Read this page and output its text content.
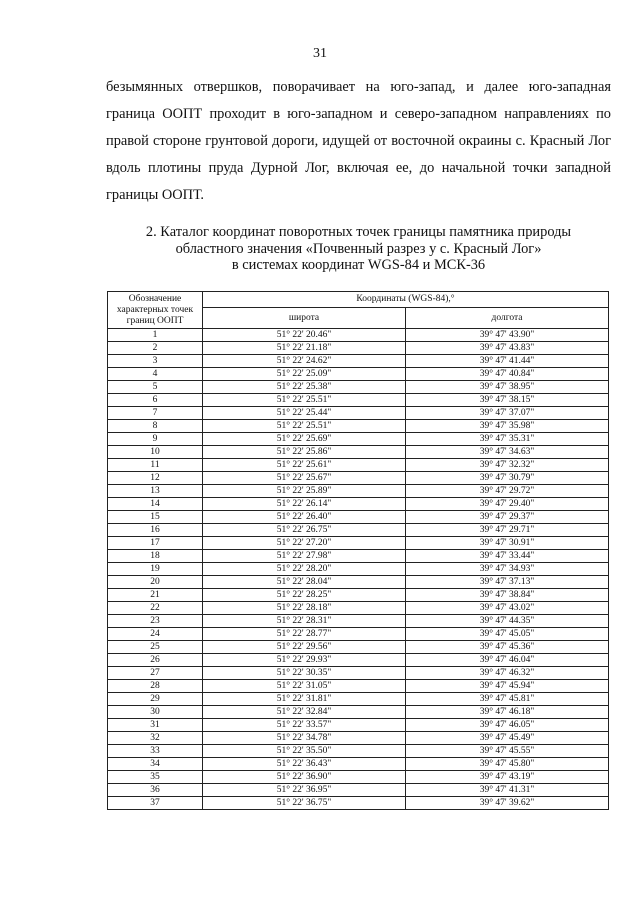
31
безымянных отвершков, поворачивает на юго-запад, и далее юго-западная граница ООПТ проходит в юго-западном и северо-западном направлениях по правой стороне грунтовой дороги, идущей от восточной окраины с. Красный Лог вдоль плотины пруда Дурной Лог, включая ее, до начальной точки западной границы ООПТ.
2. Каталог координат поворотных точек границы памятника природы
областного значения «Почвенный разрез у с. Красный Лог»
в системах координат WGS-84 и МСК-36
Обозначение характерных точек границ ООПТ	Координаты (WGS-84),°	
	широта	долгота
1	51° 22' 20.46"	39° 47' 43.90"
2	51° 22' 21.18"	39° 47' 43.83"
3	51° 22' 24.62"	39° 47' 41.44"
4	51° 22' 25.09"	39° 47' 40.84"
5	51° 22' 25.38"	39° 47' 38.95"
6	51° 22' 25.51"	39° 47' 38.15"
7	51° 22' 25.44"	39° 47' 37.07"
8	51° 22' 25.51"	39° 47' 35.98"
9	51° 22' 25.69"	39° 47' 35.31"
10	51° 22' 25.86"	39° 47' 34.63"
11	51° 22' 25.61"	39° 47' 32.32"
12	51° 22' 25.67"	39° 47' 30.79"
13	51° 22' 25.89"	39° 47' 29.72"
14	51° 22' 26.14"	39° 47' 29.40"
15	51° 22' 26.40"	39° 47' 29.37"
16	51° 22' 26.75"	39° 47' 29.71"
17	51° 22' 27.20"	39° 47' 30.91"
18	51° 22' 27.98"	39° 47' 33.44"
19	51° 22' 28.20"	39° 47' 34.93"
20	51° 22' 28.04"	39° 47' 37.13"
21	51° 22' 28.25"	39° 47' 38.84"
22	51° 22' 28.18"	39° 47' 43.02"
23	51° 22' 28.31"	39° 47' 44.35"
24	51° 22' 28.77"	39° 47' 45.05"
25	51° 22' 29.56"	39° 47' 45.36"
26	51° 22' 29.93"	39° 47' 46.04"
27	51° 22' 30.35"	39° 47' 46.32"
28	51° 22' 31.05"	39° 47' 45.94"
29	51° 22' 31.81"	39° 47' 45.81"
30	51° 22' 32.84"	39° 47' 46.18"
31	51° 22' 33.57"	39° 47' 46.05"
32	51° 22' 34.78"	39° 47' 45.49"
33	51° 22' 35.50"	39° 47' 45.55"
34	51° 22' 36.43"	39° 47' 45.80"
35	51° 22' 36.90"	39° 47' 43.19"
36	51° 22' 36.95"	39° 47' 41.31"
37	51° 22' 36.75"	39° 47' 39.62"
